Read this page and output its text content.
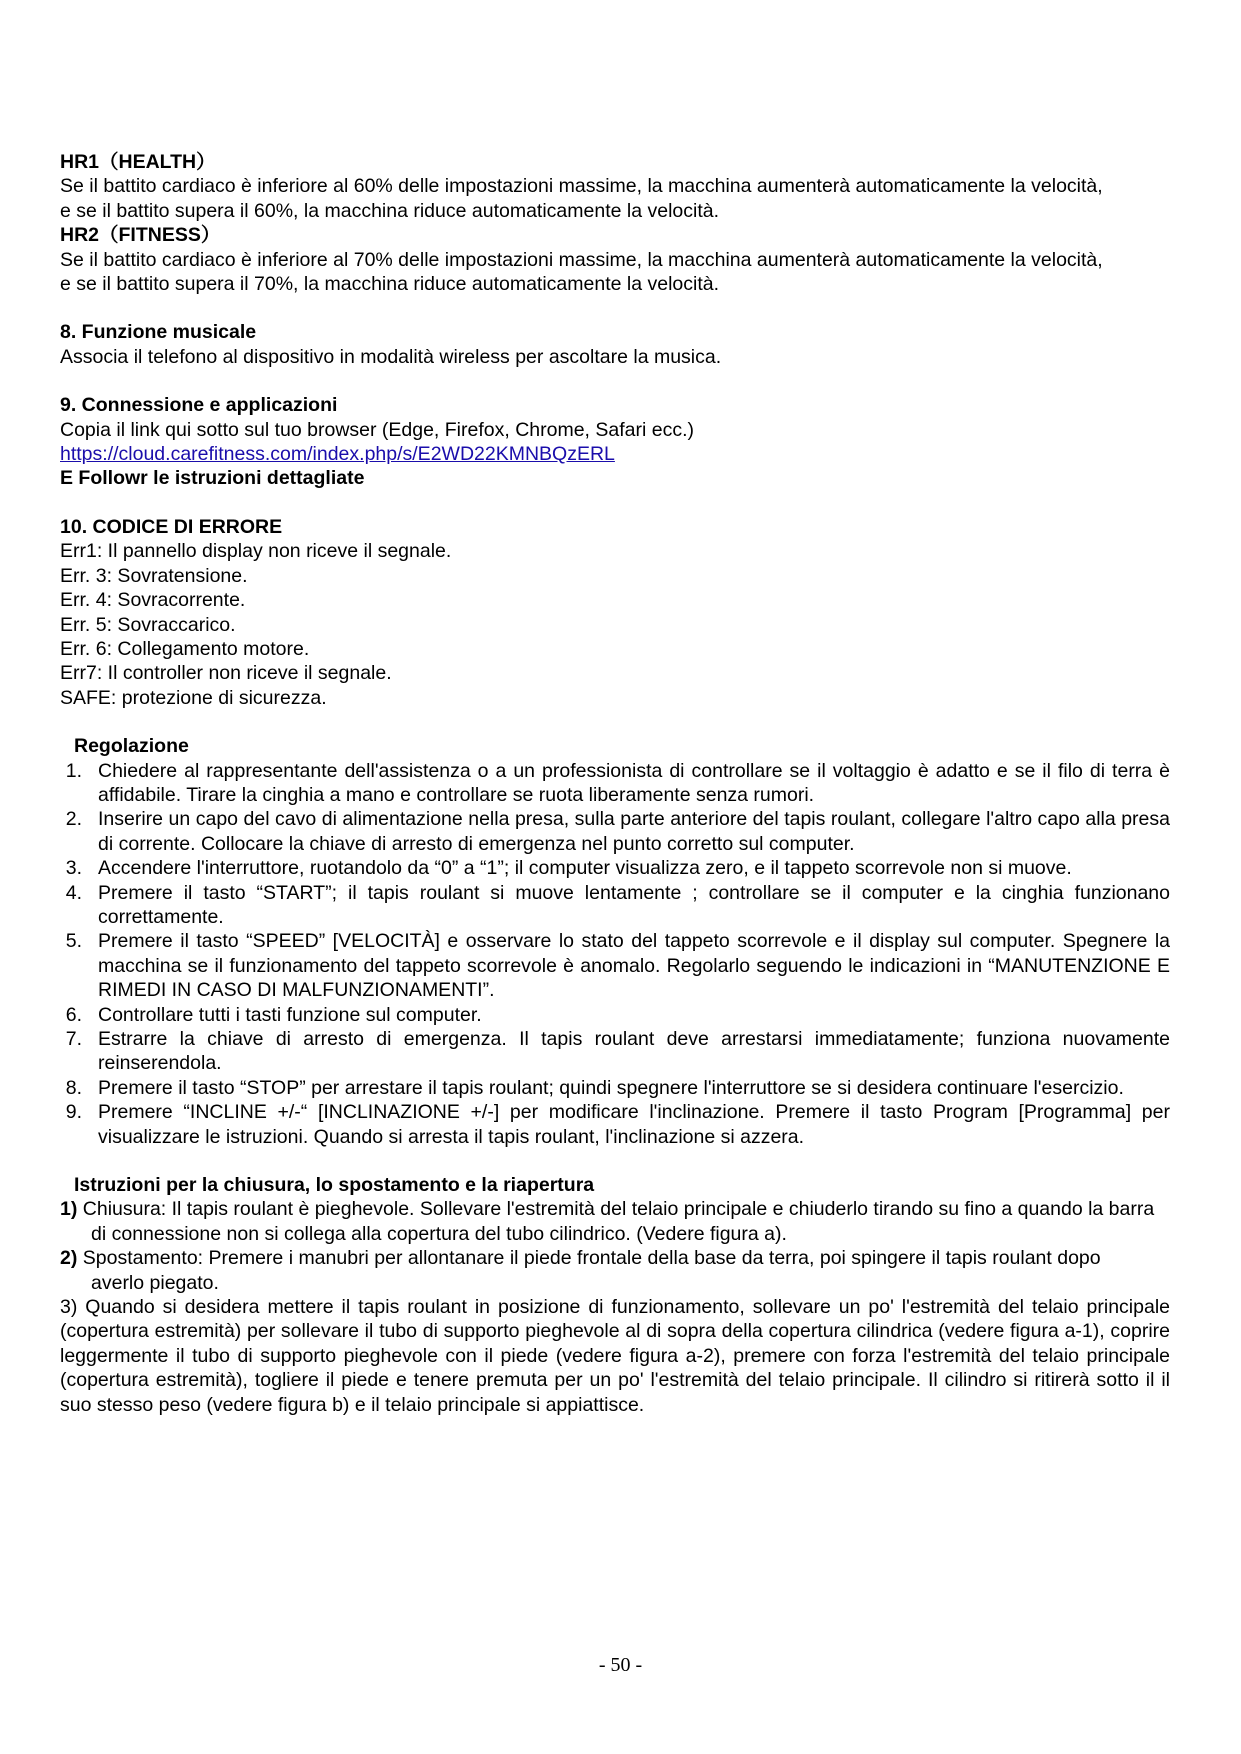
HR1（HEALTH）
Se il battito cardiaco è inferiore al 60% delle impostazioni massime, la macchina aumenterà automaticamente la velocità, e se il battito supera il 60%, la macchina riduce automaticamente la velocità.
HR2（FITNESS）
Se il battito cardiaco è inferiore al 70% delle impostazioni massime, la macchina aumenterà automaticamente la velocità, e se il battito supera il 70%, la macchina riduce automaticamente la velocità.
8. Funzione musicale
Associa il telefono al dispositivo in modalità wireless per ascoltare la musica.
9. Connessione e applicazioni
Copia il link qui sotto sul tuo browser (Edge, Firefox, Chrome, Safari ecc.)
https://cloud.carefitness.com/index.php/s/E2WD22KMNBQzERL
E Followr le istruzioni dettagliate
10. CODICE DI ERRORE
Err1: Il pannello display non riceve il segnale.
Err. 3: Sovratensione.
Err. 4: Sovracorrente.
Err. 5: Sovraccarico.
Err. 6: Collegamento motore.
Err7: Il controller non riceve il segnale.
SAFE: protezione di sicurezza.
Regolazione
1. Chiedere al rappresentante dell'assistenza o a un professionista di controllare se il voltaggio è adatto e se il filo di terra è affidabile. Tirare la cinghia a mano e controllare se ruota liberamente senza rumori.
2. Inserire un capo del cavo di alimentazione nella presa, sulla parte anteriore del tapis roulant, collegare l'altro capo alla presa di corrente. Collocare la chiave di arresto di emergenza nel punto corretto sul computer.
3. Accendere l'interruttore, ruotandolo da “0” a “1”; il computer visualizza zero, e il tappeto scorrevole non si muove.
4. Premere il tasto “START”; il tapis roulant si muove lentamente ; controllare se il computer e la cinghia funzionano correttamente.
5. Premere il tasto “SPEED” [VELOCITÀ] e osservare lo stato del tappeto scorrevole e il display sul computer. Spegnere la macchina se il funzionamento del tappeto scorrevole è anomalo. Regolarlo seguendo le indicazioni in “MANUTENZIONE E RIMEDI IN CASO DI MALFUNZIONAMENTI”.
6. Controllare tutti i tasti funzione sul computer.
7. Estrarre la chiave di arresto di emergenza. Il tapis roulant deve arrestarsi immediatamente; funziona nuovamente reinserendola.
8. Premere il tasto “STOP” per arrestare il tapis roulant; quindi spegnere l'interruttore se si desidera continuare l'esercizio.
9. Premere “INCLINE +/-“ [INCLINAZIONE +/-] per modificare l'inclinazione. Premere il tasto Program [Programma] per visualizzare le istruzioni. Quando si arresta il tapis roulant, l'inclinazione si azzera.
Istruzioni per la chiusura, lo spostamento e la riapertura
1) Chiusura: Il tapis roulant è pieghevole. Sollevare l'estremità del telaio principale e chiuderlo tirando su fino a quando la barra di connessione non si collega alla copertura del tubo cilindrico. (Vedere figura a).
2) Spostamento: Premere i manubri per allontanare il piede frontale della base da terra, poi spingere il tapis roulant dopo averlo piegato.
3) Quando si desidera mettere il tapis roulant in posizione di funzionamento, sollevare un po' l'estremità del telaio principale (copertura estremità) per sollevare il tubo di supporto pieghevole al di sopra della copertura cilindrica (vedere figura a-1), coprire leggermente il tubo di supporto pieghevole con il piede (vedere figura a-2), premere con forza l'estremità del telaio principale (copertura estremità), togliere il piede e tenere premuta per un po' l'estremità del telaio principale. Il cilindro si ritirerà sotto il il suo stesso peso (vedere figura b) e il telaio principale si appiattisce.
- 50 -
